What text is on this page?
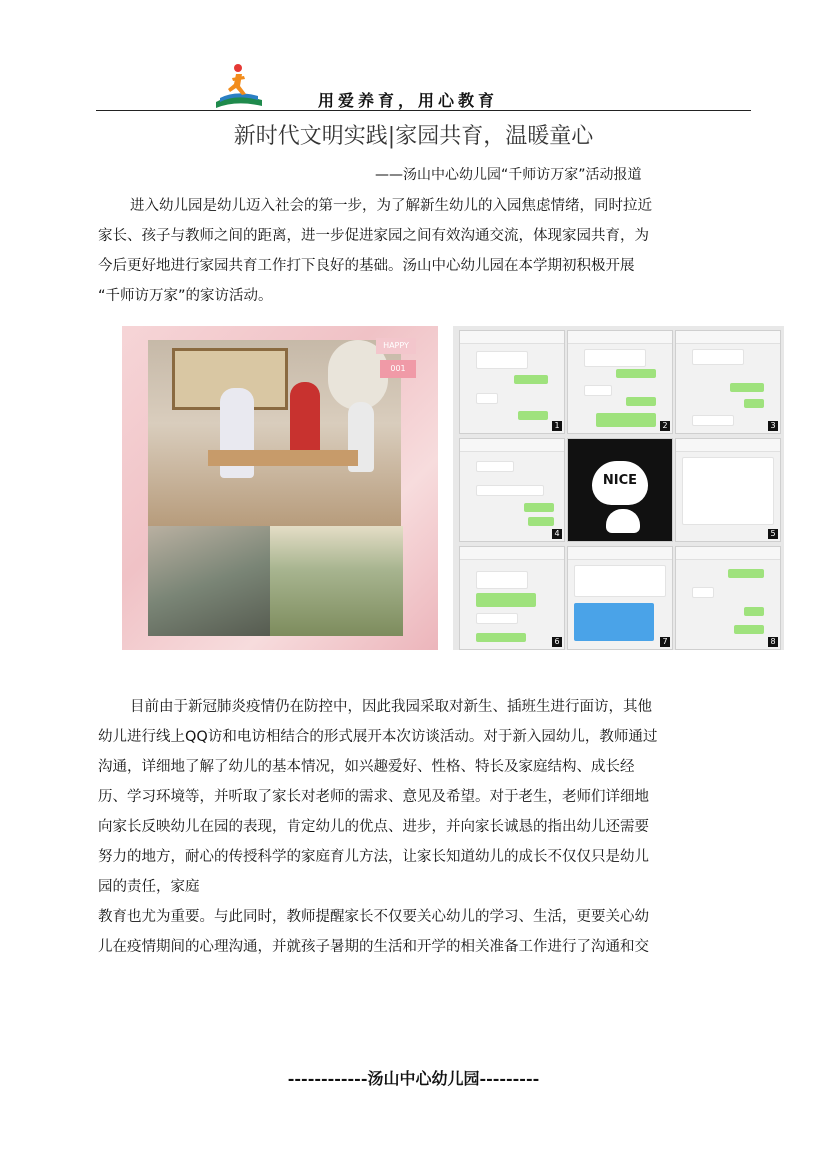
用爱养育，用心教育
新时代文明实践|家园共育，温暖童心
——汤山中心幼儿园“千师访万家”活动报道
进入幼儿园是幼儿迈入社会的第一步，为了解新生幼儿的入园焦虑情绪，同时拉近
家长、孩子与教师之间的距离，进一步促进家园之间有效沟通交流，体现家园共育，为
今后更好地进行家园共育工作打下良好的基础。汤山中心幼儿园在本学期初积极开展
“千师访万家”的家访活动。
HAPPY
001
1	2	3
4
NICE
5
6	7	8
目前由于新冠肺炎疫情仍在防控中，因此我园采取对新生、插班生进行面访，其他
幼儿进行线上QQ访和电访相结合的形式展开本次访谈活动。对于新入园幼儿，教师通过
沟通，详细地了解了幼儿的基本情况，如兴趣爱好、性格、特长及家庭结构、成长经
历、学习环境等，并听取了家长对老师的需求、意见及希望。对于老生，老师们详细地
向家长反映幼儿在园的表现，肯定幼儿的优点、进步，并向家长诚恳的指出幼儿还需要
努力的地方，耐心的传授科学的家庭育儿方法，让家长知道幼儿的成长不仅仅只是幼儿
园的责任，家庭
教育也尤为重要。与此同时，教师提醒家长不仅要关心幼儿的学习、生活，更要关心幼
儿在疫情期间的心理沟通，并就孩子暑期的生活和开学的相关准备工作进行了沟通和交
------------汤山中心幼儿园---------
